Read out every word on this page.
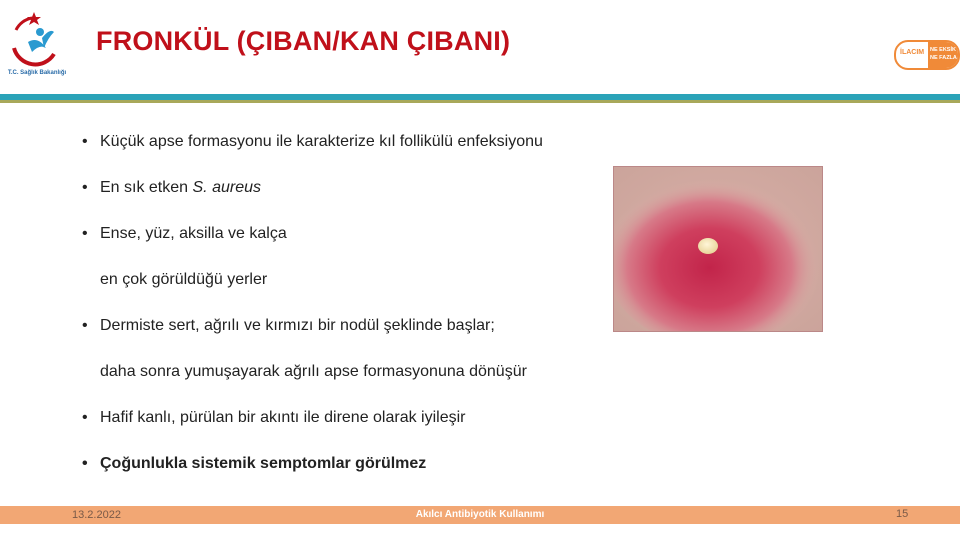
T.C. Sağlık Bakanlığı
FRONKÜL (ÇIBAN/KAN ÇIBANI)	İLACIM NE EKSİK
NE FAZLA
• Küçük apse formasyonu ile karakterize kıl follikülü enfeksiyonu
• En sık etken S. aureus
• Ense, yüz, aksilla ve kalça
en çok görüldüğü yerler
• Dermiste sert, ağrılı ve kırmızı bir nodül şeklinde başlar;
daha sonra yumuşayarak ağrılı apse formasyonuna dönüşür
• Hafif kanlı, pürülan bir akıntı ile direne olarak iyileşir
• Çoğunlukla sistemik semptomlar görülmez
13.2.2022	Akılcı Antibiyotik Kullanımı	15
